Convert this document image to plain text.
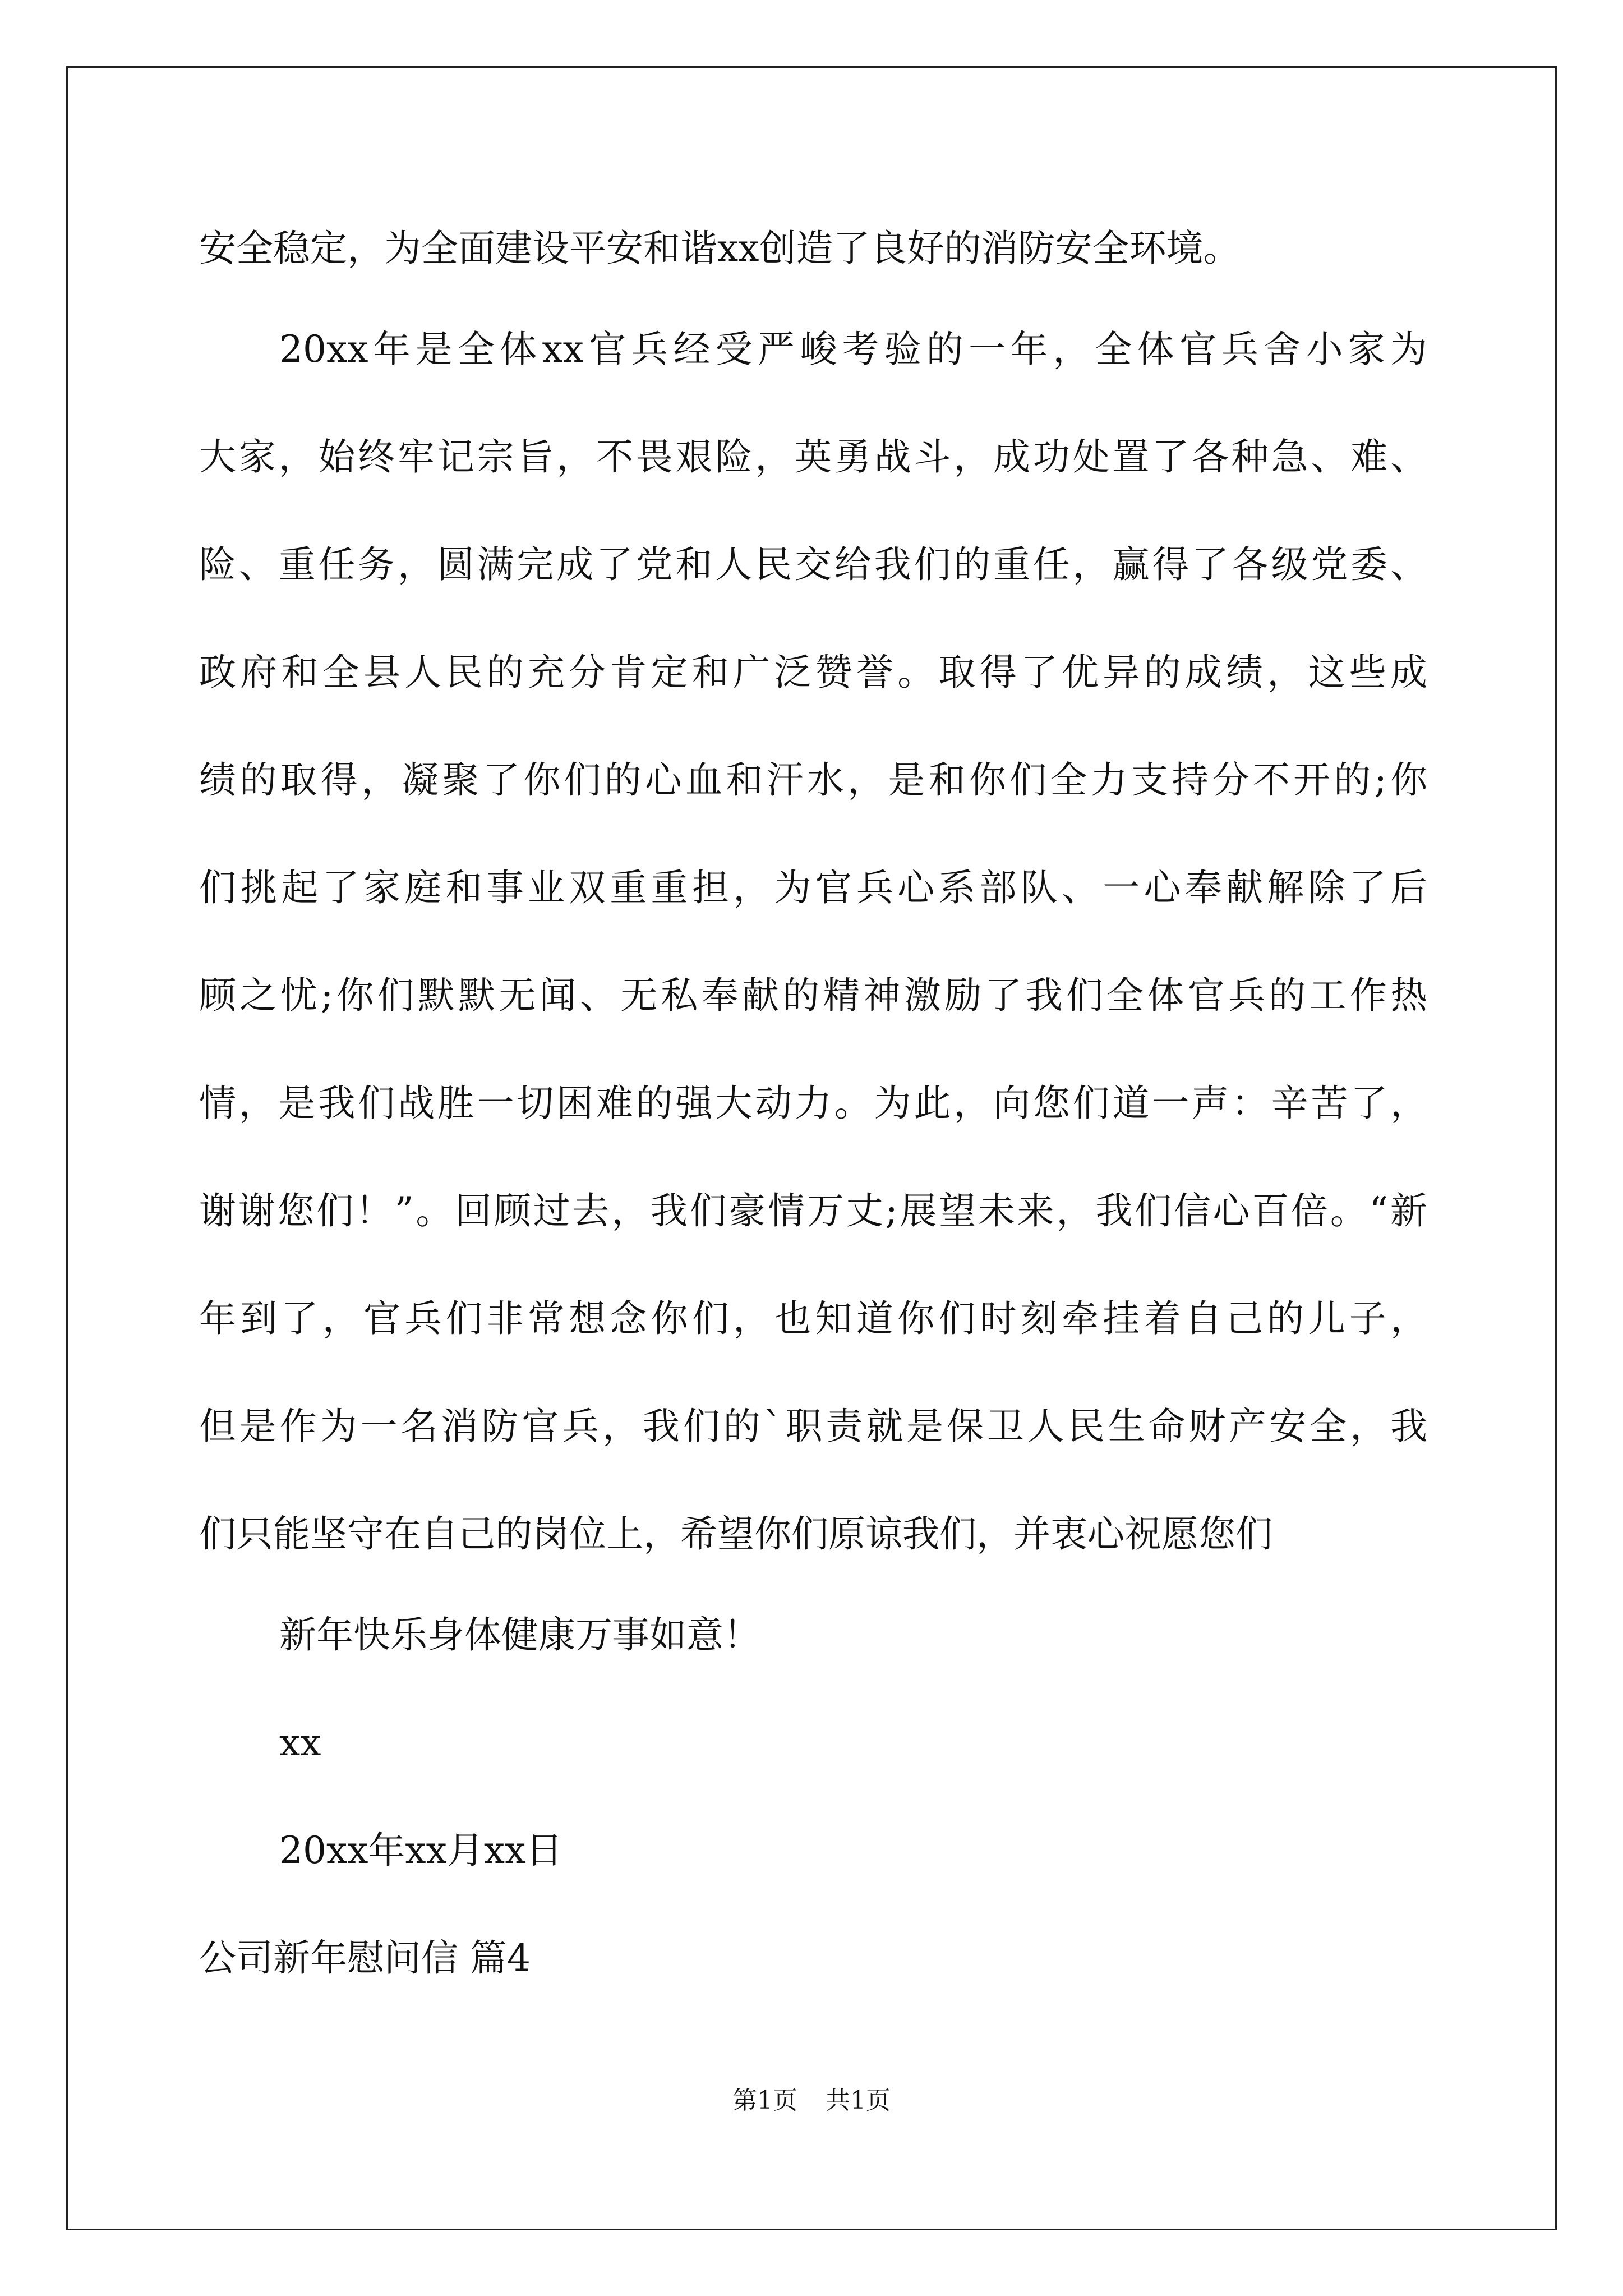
安全稳定，为全面建设平安和谐xx创造了良好的消防安全环境。
20xx年是全体xx官兵经受严峻考验的一年，全体官兵舍小家为
大家，始终牢记宗旨，不畏艰险，英勇战斗，成功处置了各种急、难、
险、重任务，圆满完成了党和人民交给我们的重任，赢得了各级党委、
政府和全县人民的充分肯定和广泛赞誉。取得了优异的成绩，这些成
绩的取得，凝聚了你们的心血和汗水，是和你们全力支持分不开的;你
们挑起了家庭和事业双重重担，为官兵心系部队、一心奉献解除了后
顾之忧;你们默默无闻、无私奉献的精神激励了我们全体官兵的工作热
情，是我们战胜一切困难的强大动力。为此，向您们道一声：辛苦了，
谢谢您们！”。回顾过去，我们豪情万丈;展望未来，我们信心百倍。“新
年到了，官兵们非常想念你们，也知道你们时刻牵挂着自己的儿子，
但是作为一名消防官兵，我们的`职责就是保卫人民生命财产安全，我
们只能坚守在自己的岗位上，希望你们原谅我们，并衷心祝愿您们
新年快乐身体健康万事如意！
xx
20xx年xx月xx日
公司新年慰问信 篇4
第1页 共1页
